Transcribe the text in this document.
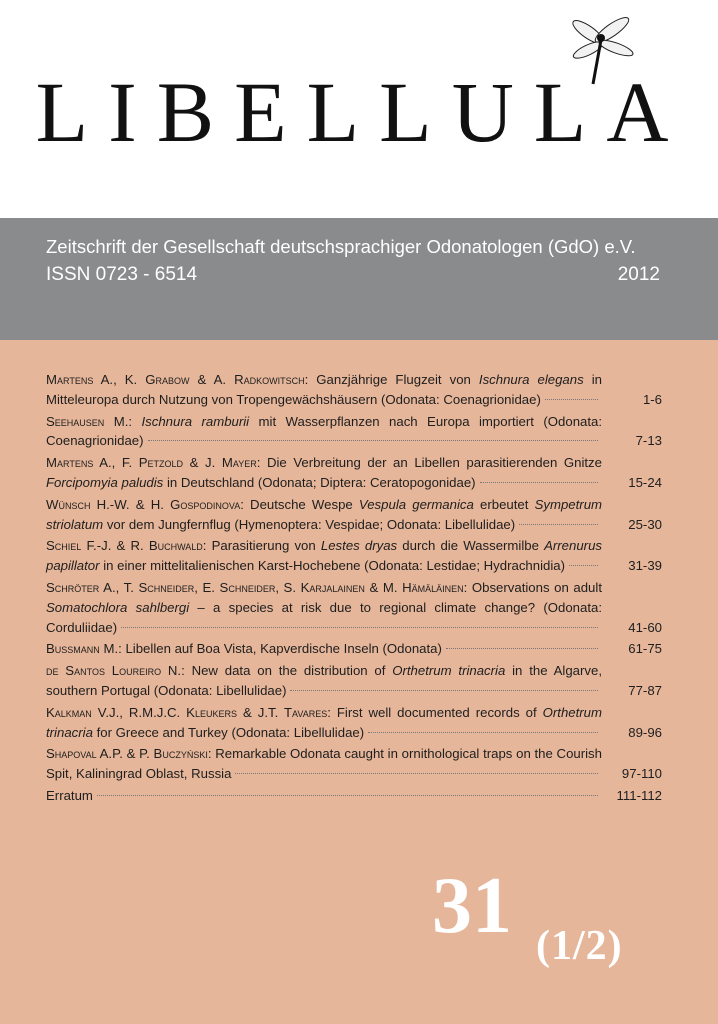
LIBELLULA
Zeitschrift der Gesellschaft deutschsprachiger Odonatologen (GdO) e.V.
ISSN 0723 - 6514	2012
Martens A., K. Grabow & A. Radkowitsch: Ganzjährige Flugzeit von Ischnura elegans in Mitteleuropa durch Nutzung von Tropengewächshäusern (Odonata: Coenagrionidae)	1-6
Seehausen M.: Ischnura ramburii mit Wasserpflanzen nach Europa importiert (Odonata: Coenagrionidae)	7-13
Martens A., F. Petzold & J. Mayer: Die Verbreitung der an Libellen parasitierenden Gnitze Forcipomyia paludis in Deutschland (Odonata; Diptera: Ceratopogonidae)	15-24
Wünsch H.-W. & H. Gospodinova: Deutsche Wespe Vespula germanica erbeutet Sympetrum striolatum vor dem Jungfernflug (Hymenoptera: Vespidae; Odonata: Libellulidae)	25-30
Schiel F.-J. & R. Buchwald: Parasitierung von Lestes dryas durch die Wassermilbe Arrenurus papillator in einer mittelitalienischen Karst-Hochebene (Odonata: Lestidae; Hydrachnidia)	31-39
Schröter A., T. Schneider, E. Schneider, S. Karjalainen & M. Hämäläinen: Observations on adult Somatochlora sahlbergi – a species at risk due to regional climate change? (Odonata: Corduliidae)	41-60
Bussmann M.: Libellen auf Boa Vista, Kapverdische Inseln (Odonata)	61-75
de Santos Loureiro N.: New data on the distribution of Orthetrum trinacria in the Algarve, southern Portugal (Odonata: Libellulidae)	77-87
Kalkman V.J., R.M.J.C. Kleukers & J.T. Tavares: First well documented records of Orthetrum trinacria for Greece and Turkey (Odonata: Libellulidae)	89-96
Shapoval A.P. & P. Buczyński: Remarkable Odonata caught in ornithological traps on the Courish Spit, Kaliningrad Oblast, Russia	97-110
Erratum	111-112
31 (1/2)
